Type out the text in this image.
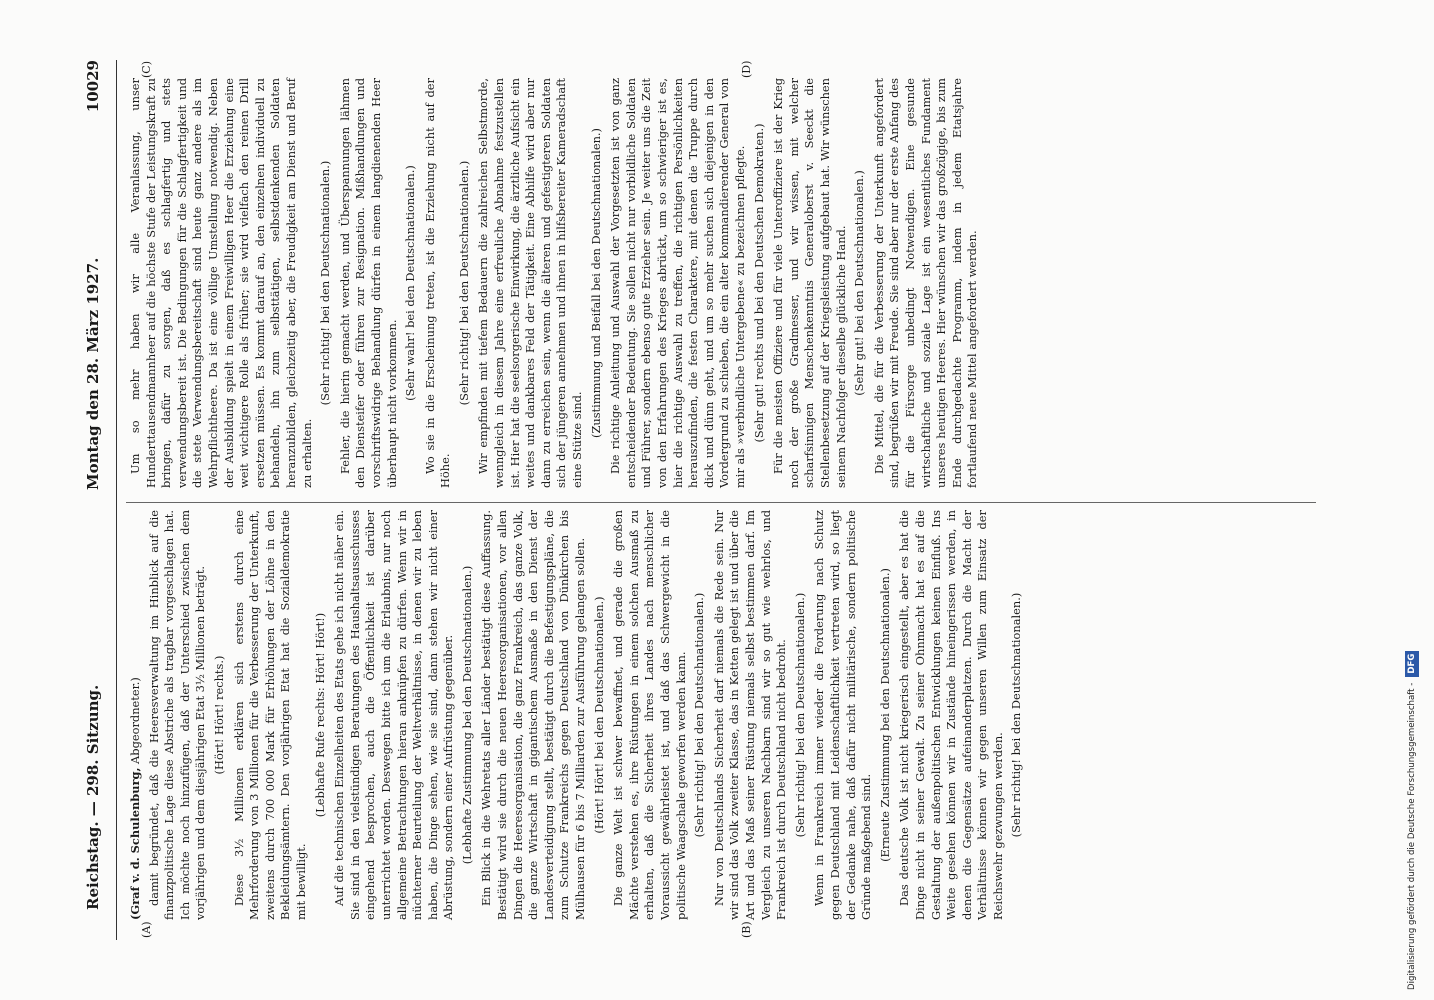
Reichstag. — 298. Sitzung.
Montag den 28. März 1927.
10029
(A)	(B)
(C)	(D)

(Graf v. d. Schulenburg, Abgeordneter.) damit begründet, daß die Heeresverwaltung im Hinblick auf die finanzpolitische Lage diese Abstriche als tragbar vorgeschlagen hat. Ich möchte noch hinzufügen, daß der Unterschied zwischen dem vorjährigen und dem diesjährigen Etat 3½ Millionen beträgt. (Hört! Hört! rechts.) Diese 3½ Millionen erklären sich erstens durch eine Mehrforderung von 3 Millionen für die Verbesserung der Unterkunft, zweitens durch 700 000 Mark für Erhöhungen der Löhne in den Bekleidungsämtern. Den vorjährigen Etat hat die Sozialdemokratie mit bewilligt.

(Lebhafte Rufe rechts: Hört! Hört!) Auf die technischen Einzelheiten des Etats gehe ich nicht näher ein. Sie sind in den vielstündigen Beratungen des Haushaltsausschusses eingehend besprochen, auch die Öffentlichkeit ist darüber unterrichtet worden. Deswegen bitte ich um die Erlaubnis, nur noch allgemeine Betrachtungen hieran anknüpfen zu dürfen. Wenn wir in nüchterner Beurteilung der Weltverhältnisse, in denen wir zu leben haben, die Dinge sehen, wie sie sind, dann stehen wir nicht einer Abrüstung, sondern einer Aufrüstung gegenüber. (Lebhafte Zustimmung bei den Deutschnationalen.) Ein Blick in die Wehretats aller Länder bestätigt diese Auffassung. Bestätigt wird sie durch die neuen Heeresorganisationen, vor allen Dingen die Heeresorganisation, die ganz Frankreich, das ganze Volk, die ganze Wirtschaft in gigantischem Ausmaße in den Dienst der Landesverteidigung stellt, bestätigt durch die Befestigungspläne, die zum Schutze Frankreichs gegen Deutschland von Dünkirchen bis Mülhausen für 6 bis 7 Milliarden zur Ausführung gelangen sollen. (Hört! Hört! bei den Deutschnationalen.) Die ganze Welt ist schwer bewaffnet, und gerade die großen Mächte verstehen es, ihre Rüstungen in einem solchen Ausmaß zu erhalten, daß die Sicherheit ihres Landes nach menschlicher Voraussicht gewährleistet ist, und daß das Schwergewicht in die politische Waagschale geworfen werden kann. (Sehr richtig! bei den Deutschnationalen.) Nur von Deutschlands Sicherheit darf niemals die Rede sein. Nur wir sind das Volk zweiter Klasse, das in Ketten gelegt ist und über die Art und das Maß seiner Rüstung niemals selbst bestimmen darf. Im Vergleich zu unseren Nachbarn sind wir so gut wie wehrlos, und Frankreich ist durch Deutschland nicht bedroht. (Sehr richtig! bei den Deutschnationalen.) Wenn in Frankreich immer wieder die Forderung nach Schutz gegen Deutschland mit Leidenschaftlichkeit vertreten wird, so liegt der Gedanke nahe, daß dafür nicht militärische, sondern politische Gründe maßgebend sind. (Erneute Zustimmung bei den Deutschnationalen.) Das deutsche Volk ist nicht kriegerisch eingestellt, aber es hat die Dinge nicht in seiner Gewalt. Zu seiner Ohnmacht hat es auf die Gestaltung der außenpolitischen Entwicklungen keinen Einfluß. Ins Weite gesehen können wir in Zustände hineingerissen werden, in denen die Gegensätze aufeinanderplatzen. Durch die Macht der Verhältnisse können wir gegen unseren Willen zum Einsatz der Reichswehr gezwungen werden. (Sehr richtig! bei den Deutschnationalen.)

Um so mehr haben wir alle Veranlassung, unser Hunderttausendmannheer auf die höchste Stufe der Leistungskraft zu bringen, dafür zu sorgen, daß es schlagfertig und stets verwendungsbereit ist. Die Bedingungen für die Schlagfertigkeit und die stete Verwendungsbereitschaft sind heute ganz andere als im Wehrpflichtheere. Da ist eine völlige Umstellung notwendig. Neben der Ausbildung spielt in einem Freiwilligen Heer die Erziehung eine weit wichtigere Rolle als früher; sie wird vielfach den reinen Drill ersetzen müssen. Es kommt darauf an, den einzelnen individuell zu behandeln, ihn zum selbsttätigen, selbstdenkenden Soldaten heranzubilden, gleichzeitig aber, die Freudigkeit am Dienst und Beruf zu erhalten.

(Sehr richtig! bei den Deutschnationalen.) Fehler, die hierin gemacht werden, und Überspannungen lähmen den Diensteifer oder führen zur Resignation. Mißhandlungen und vorschriftswidrige Behandlung dürfen in einem langdienenden Heer überhaupt nicht vorkommen.

(Sehr wahr! bei den Deutschnationalen.) Wo sie in die Erscheinung treten, ist die Erziehung nicht auf der Höhe.

(Sehr richtig! bei den Deutschnationalen.) Wir empfinden mit tiefem Bedauern die zahlreichen Selbstmorde, wenngleich in diesem Jahre eine erfreuliche Abnahme festzustellen ist. Hier hat die seelsorgerische Einwirkung, die ärztliche Aufsicht ein weites und dankbares Feld der Tätigkeit. Eine Abhilfe wird aber nur dann zu erreichen sein, wenn die älteren und gefestigteren Soldaten sich der jüngeren annehmen und ihnen in hilfsbereiter Kameradschaft eine Stütze sind.

(Zustimmung und Beifall bei den Deutschnationalen.) Die richtige Anleitung und Auswahl der Vorgesetzten ist von ganz entscheidender Bedeutung. Sie sollen nicht nur vorbildliche Soldaten und Führer, sondern ebenso gute Erzieher sein. Je weiter uns die Zeit von den Erfahrungen des Krieges abrückt, um so schwieriger ist es, hier die richtige Auswahl zu treffen, die richtigen Persönlichkeiten herauszufinden, die festen Charaktere, mit denen die Truppe durch dick und dünn geht, und um so mehr suchen sich diejenigen in den Vordergrund zu schieben, die ein alter kommandierender General von mir als »verbindliche Untergebene« zu bezeichnen pflegte. (Sehr gut! rechts und bei den Deutschen Demokraten.) Für die meisten Offiziere und für viele Unteroffiziere ist der Krieg noch der große Gradmesser, und wir wissen, mit welcher scharfsinnigen Menschenkenntnis Generaloberst v. Seeckt die Stellenbesetzung auf der Kriegsleistung aufgebaut hat. Wir wünschen seinem Nachfolger dieselbe glückliche Hand. (Sehr gut! bei den Deutschnationalen.) Die Mittel, die für die Verbesserung der Unterkunft angefordert sind, begrüßen wir mit Freude. Sie sind aber nur der erste Anfang des für die Fürsorge unbedingt Notwendigen. Eine gesunde wirtschaftliche und soziale Lage ist ein wesentliches Fundament unseres heutigen Heeres. Hier wünschen wir das großzügige, bis zum Ende durchgedachte Programm, indem in jedem Etatsjahre fortlaufend neue Mittel angefordert werden.

Digitalisierung gefördert durch die Deutsche Forschungsgemeinschaft -DFG
